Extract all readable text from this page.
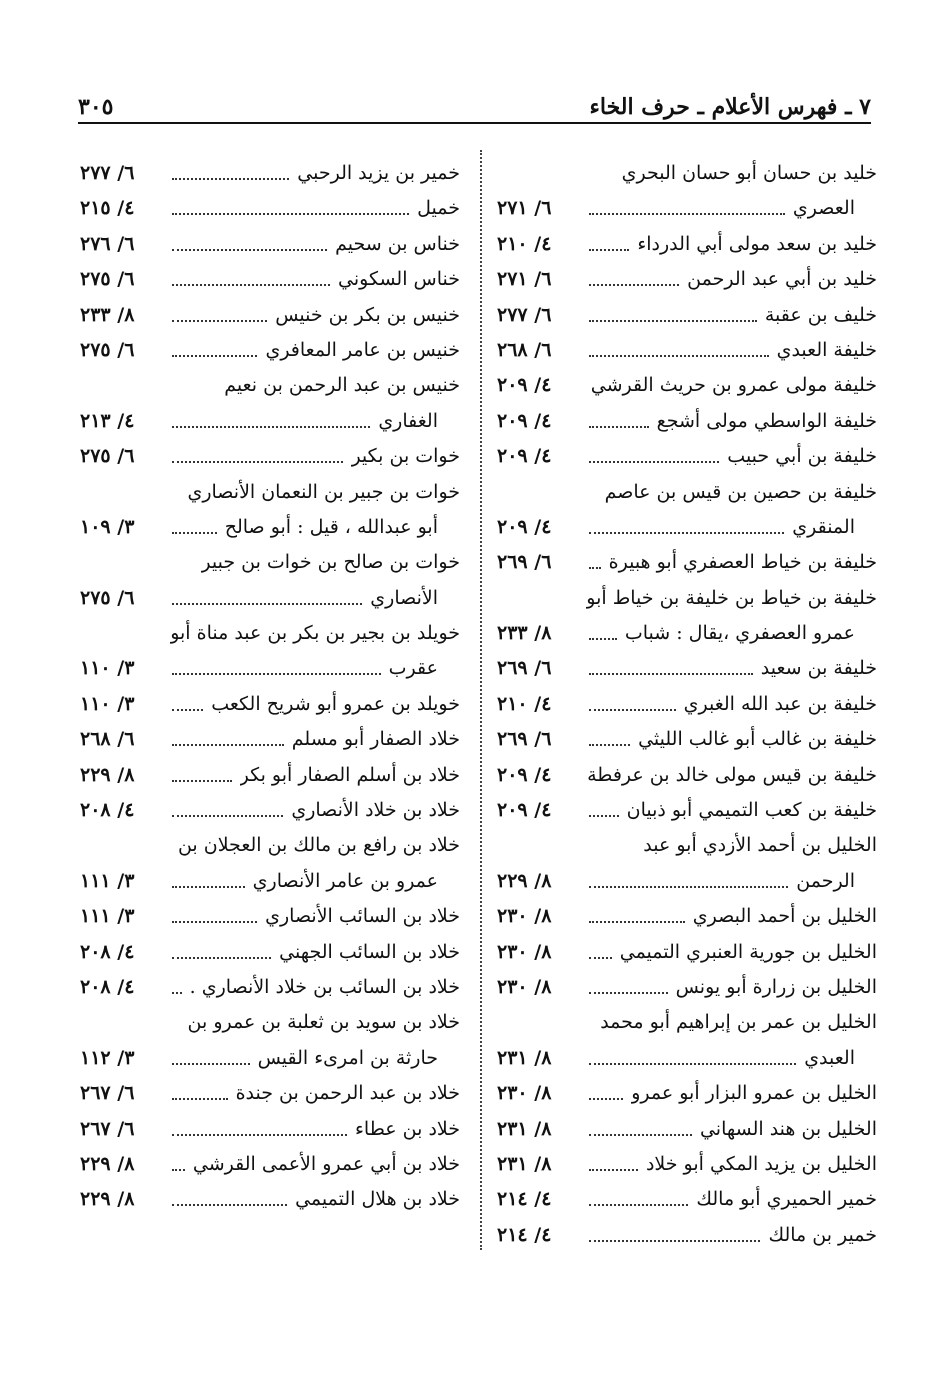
٧ ـ فهرس الأعلام ـ حرف الخاء
٣٠٥
خليد بن حسان أبو حسان البحري
العصري
٦/ ٢٧١
خليد بن سعد مولى أبي الدرداء
٤/ ٢١٠
خليد بن أبي عبد الرحمن
٦/ ٢٧١
خليف بن عقبة
٦/ ٢٧٧
خليفة العبدي
٦/ ٢٦٨
خليفة مولى عمرو بن حريث القرشي
٤/ ٢٠٩
خليفة الواسطي مولى أشجع
٤/ ٢٠٩
خليفة بن أبي حبيب
٤/ ٢٠٩
خليفة بن حصين بن قيس بن عاصم
المنقري
٤/ ٢٠٩
خليفة بن خياط العصفري أبو هبيرة
٦/ ٢٦٩
خليفة بن خياط بن خليفة بن خياط أبو
عمرو العصفري ،يقال : شباب
٨/ ٢٣٣
خليفة بن سعيد
٦/ ٢٦٩
خليفة بن عبد الله الغبري
٤/ ٢١٠
خليفة بن غالب أبو غالب الليثي
٦/ ٢٦٩
خليفة بن قيس مولى خالد بن عرفطة
٤/ ٢٠٩
خليفة بن كعب التميمي أبو ذبيان
٤/ ٢٠٩
الخليل بن أحمد الأزدي أبو عبد
الرحمن
٨/ ٢٢٩
الخليل بن أحمد البصري
٨/ ٢٣٠
الخليل بن جورية العنبري التميمي
٨/ ٢٣٠
الخليل بن زرارة أبو يونس
٨/ ٢٣٠
الخليل بن عمر بن إبراهيم أبو محمد
العبدي
٨/ ٢٣١
الخليل بن عمرو البزار أبو عمرو
٨/ ٢٣٠
الخليل بن هند السهاني
٨/ ٢٣١
الخليل بن يزيد المكي أبو خلاد
٨/ ٢٣١
خمير الحميري أبو مالك
٤/ ٢١٤
خمير بن مالك
٤/ ٢١٤
خمير بن يزيد الرحبي
٦/ ٢٧٧
خميل
٤/ ٢١٥
خناس بن سحيم
٦/ ٢٧٦
خناس السكوني
٦/ ٢٧٥
خنيس بن بكر بن خنيس
٨/ ٢٣٣
خنيس بن عامر المعافري
٦/ ٢٧٥
خنيس بن عبد الرحمن بن نعيم
الغفاري
٤/ ٢١٣
خوات بن بكير
٦/ ٢٧٥
خوات بن جبير بن النعمان الأنصاري
أبو عبدالله ، قيل : أبو صالح
٣/ ١٠٩
خوات بن صالح بن خوات بن جبير
الأنصاري
٦/ ٢٧٥
خويلد بن بجير بن بكر بن عبد مناة أبو
عقرب
٣/ ١١٠
خويلد بن عمرو أبو شريح الكعب
٣/ ١١٠
خلاد الصفار أبو مسلم
٦/ ٢٦٨
خلاد بن أسلم الصفار أبو بكر
٨/ ٢٢٩
خلاد بن خلاد الأنصاري
٤/ ٢٠٨
خلاد بن رافع بن مالك بن العجلان بن
عمرو بن عامر الأنصاري
٣/ ١١١
خلاد بن السائب الأنصاري
٣/ ١١١
خلاد بن السائب الجهني
٤/ ٢٠٨
خلاد بن السائب بن خلاد الأنصاري .
٤/ ٢٠٨
خلاد بن سويد بن ثعلبة بن عمرو بن
حارثة بن امرىء القيس
٣/ ١١٢
خلاد بن عبد الرحمن بن جندة
٦/ ٢٦٧
خلاد بن عطاء
٦/ ٢٦٧
خلاد بن أبي عمرو الأعمى القرشي
٨/ ٢٢٩
خلاد بن هلال التميمي
٨/ ٢٢٩
